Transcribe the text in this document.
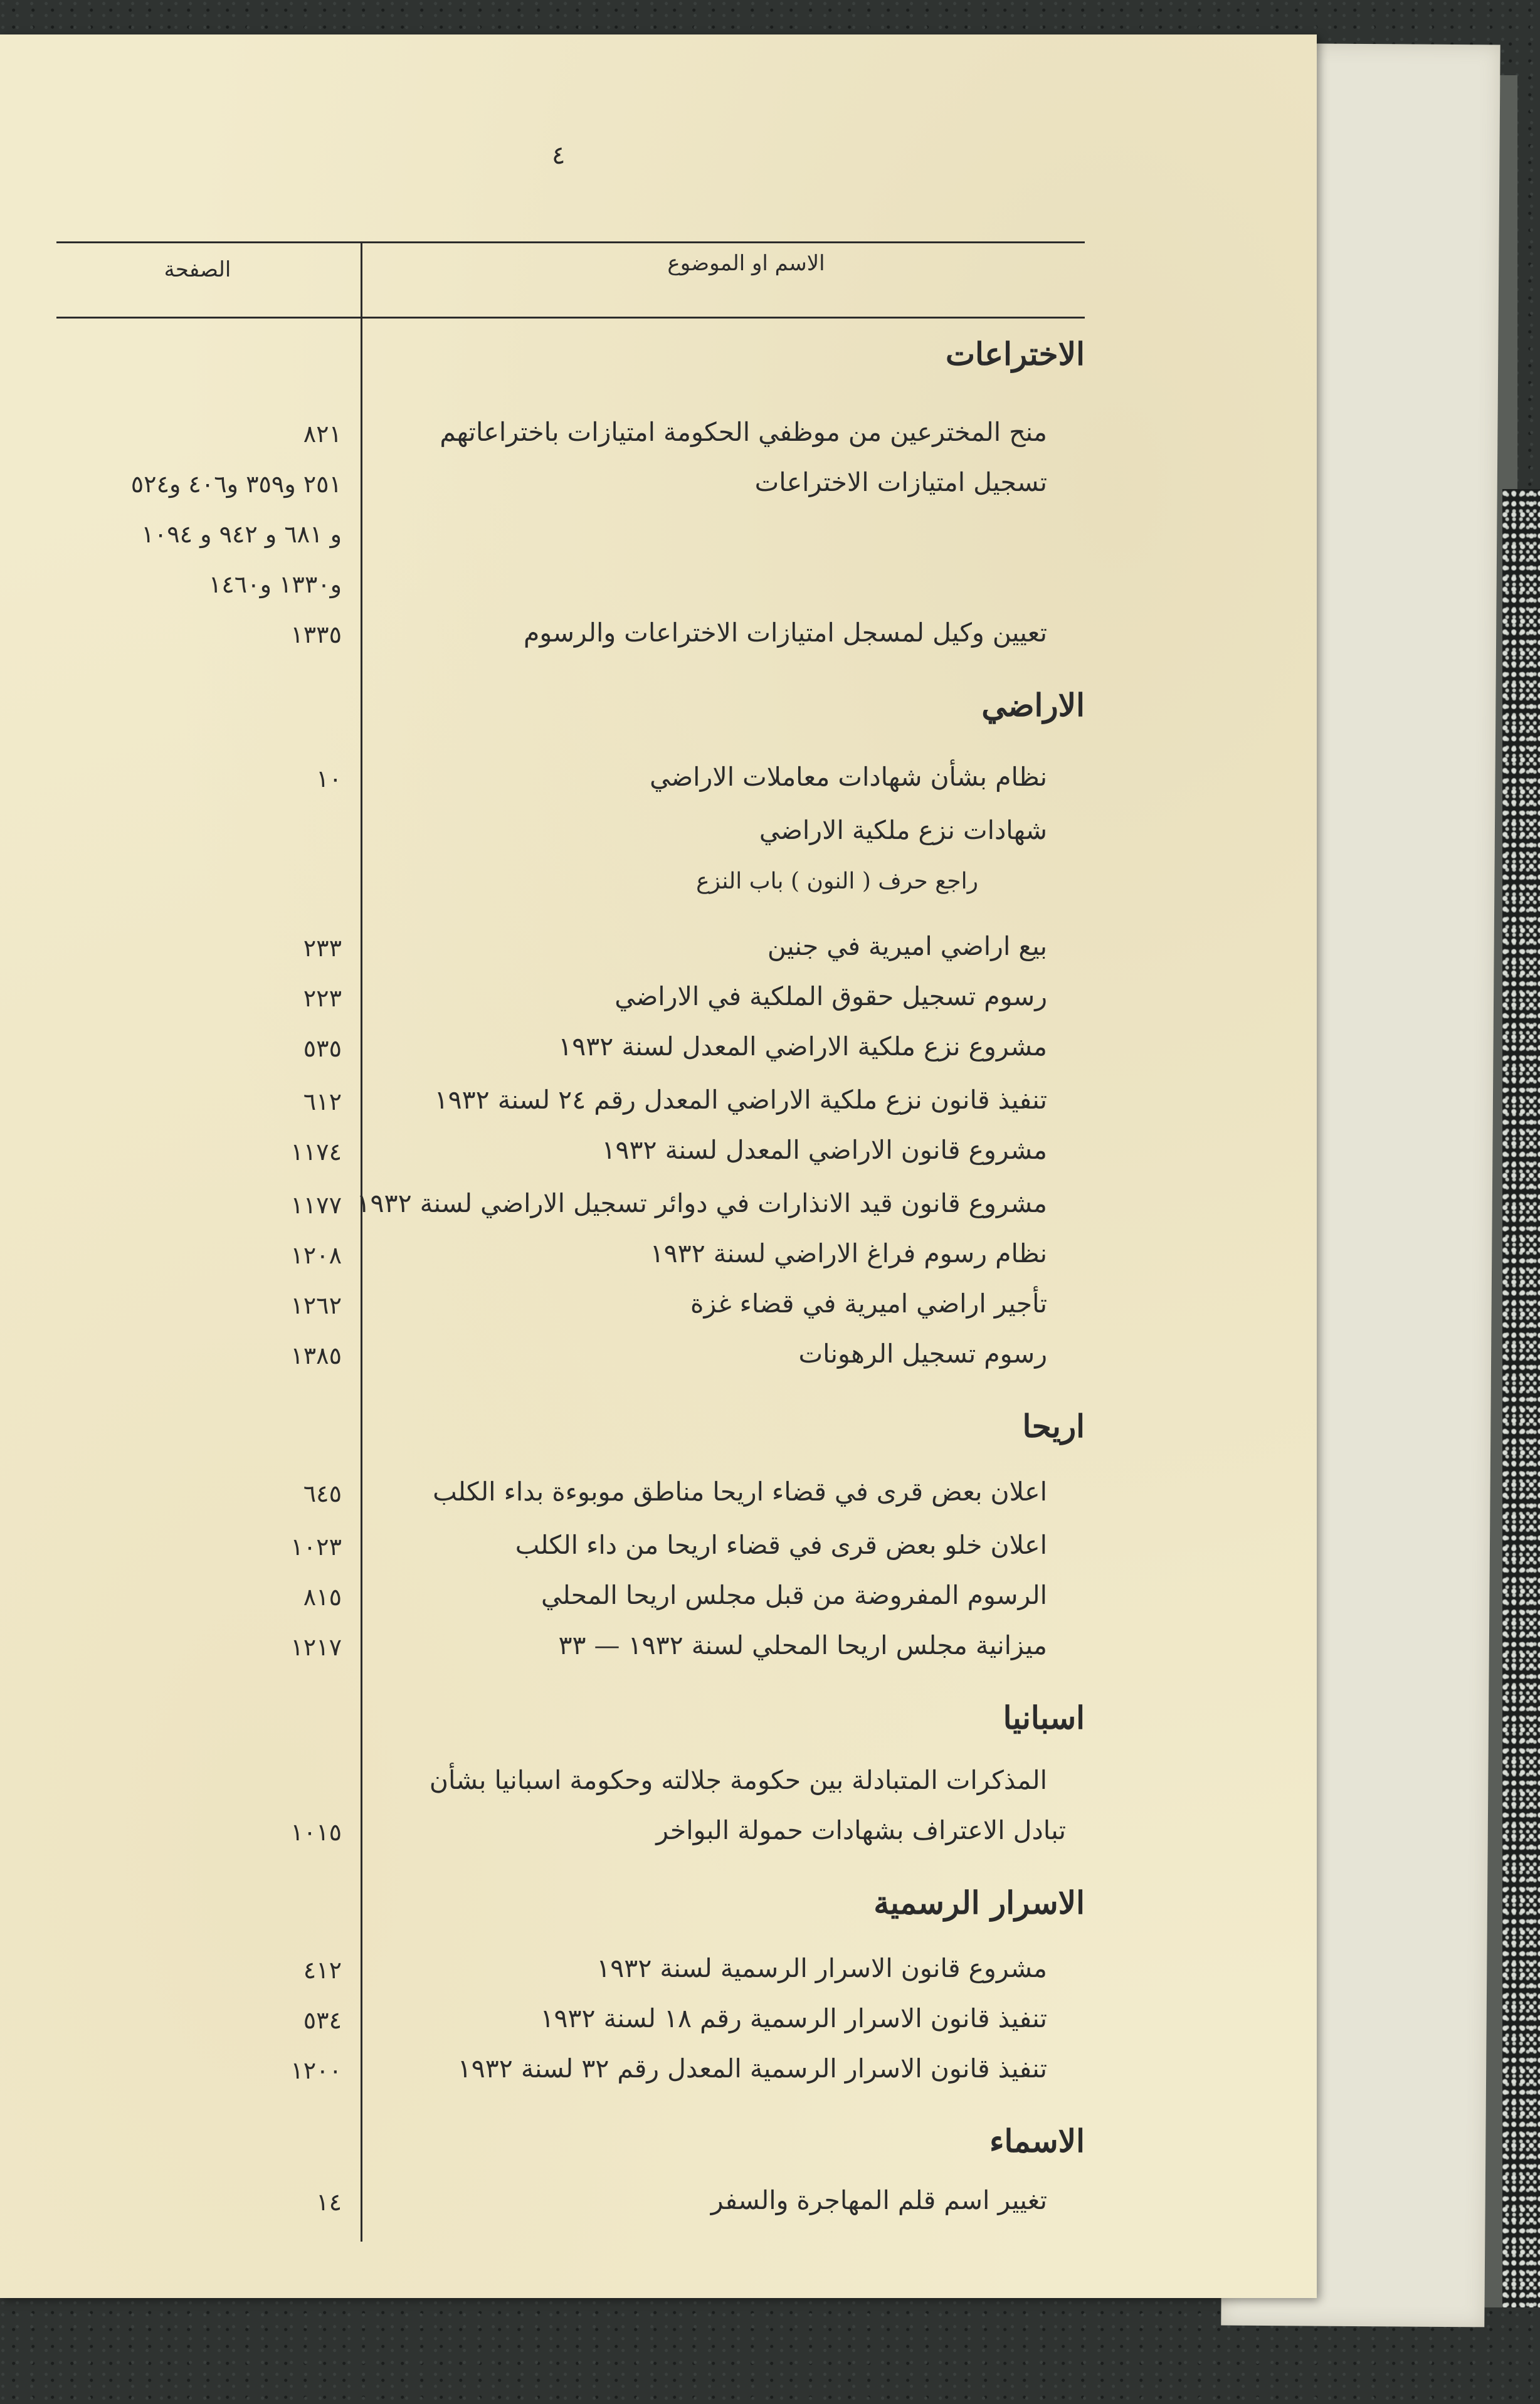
٤
الاسم او الموضوع
الصفحة
الاختراعات
منح المخترعين من موظفي الحكومة امتيازات باختراعاتهم
٨٢١
تسجيل امتيازات الاختراعات
٢٥١ و٣٥٩ و٤٠٦ و٥٢٤
و ٦٨١ و ٩٤٢ و ١٠٩٤
و١٣٣٠ و١٤٦٠
تعيين وكيل لمسجل امتيازات الاختراعات والرسوم
١٣٣٥
الاراضي
نظام بشأن شهادات معاملات الاراضي
١٠
شهادات نزع ملكية الاراضي
راجع حرف ( النون ) باب النزع
بيع اراضي اميرية في جنين
٢٣٣
رسوم تسجيل حقوق الملكية في الاراضي
٢٢٣
مشروع نزع ملكية الاراضي المعدل لسنة ١٩٣٢
٥٣٥
تنفيذ قانون نزع ملكية الاراضي المعدل رقم ٢٤ لسنة ١٩٣٢
٦١٢
مشروع قانون الاراضي المعدل لسنة ١٩٣٢
١١٧٤
مشروع قانون قيد الانذارات في دوائر تسجيل الاراضي لسنة ١٩٣٢
١١٧٧
نظام رسوم فراغ الاراضي لسنة ١٩٣٢
١٢٠٨
تأجير اراضي اميرية في قضاء غزة
١٢٦٢
رسوم تسجيل الرهونات
١٣٨٥
اريحا
اعلان بعض قرى في قضاء اريحا مناطق موبوءة بداء الكلب
٦٤٥
اعلان خلو بعض قرى في قضاء اريحا من داء الكلب
١٠٢٣
الرسوم المفروضة من قبل مجلس اريحا المحلي
٨١٥
ميزانية مجلس اريحا المحلي لسنة ١٩٣٢ — ٣٣
١٢١٧
اسبانيا
المذكرات المتبادلة بين حكومة جلالته وحكومة اسبانيا بشأن
تبادل الاعتراف بشهادات حمولة البواخر
١٠١٥
الاسرار الرسمية
مشروع قانون الاسرار الرسمية لسنة ١٩٣٢
٤١٢
تنفيذ قانون الاسرار الرسمية رقم ١٨ لسنة ١٩٣٢
٥٣٤
تنفيذ قانون الاسرار الرسمية المعدل رقم ٣٢ لسنة ١٩٣٢
١٢٠٠
الاسماء
تغيير اسم قلم المهاجرة والسفر
١٤
